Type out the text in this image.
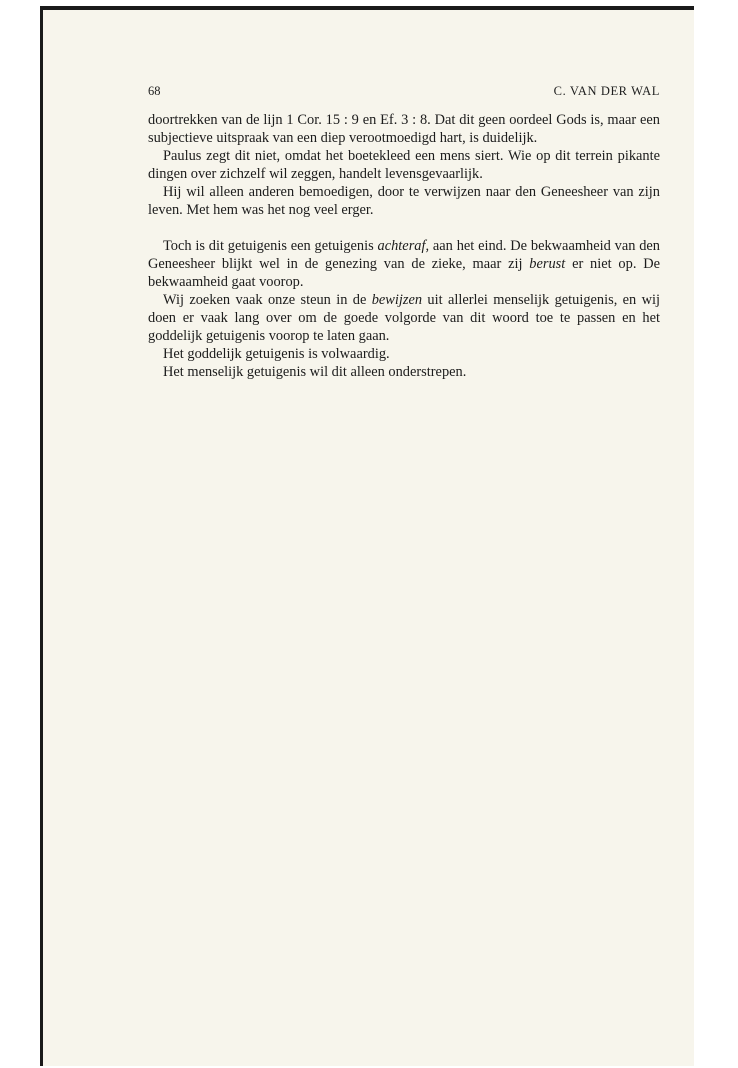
68	C. VAN DER WAL

doortrekken van de lijn 1 Cor. 15 : 9 en Ef. 3 : 8. Dat dit geen oordeel Gods is, maar een subjectieve uitspraak van een diep verootmoedigd hart, is duidelijk.

Paulus zegt dit niet, omdat het boetekleed een mens siert. Wie op dit terrein pikante dingen over zichzelf wil zeggen, handelt levensgevaarlijk.

Hij wil alleen anderen bemoedigen, door te verwijzen naar den Geneesheer van zijn leven. Met hem was het nog veel erger.

Toch is dit getuigenis een getuigenis achteraf, aan het eind. De bekwaamheid van den Geneesheer blijkt wel in de genezing van de zieke, maar zij berust er niet op. De bekwaamheid gaat voorop.

Wij zoeken vaak onze steun in de bewijzen uit allerlei menselijk getuigenis, en wij doen er vaak lang over om de goede volgorde van dit woord toe te passen en het goddelijk getuigenis voorop te laten gaan.

Het goddelijk getuigenis is volwaardig.

Het menselijk getuigenis wil dit alleen onderstrepen.
